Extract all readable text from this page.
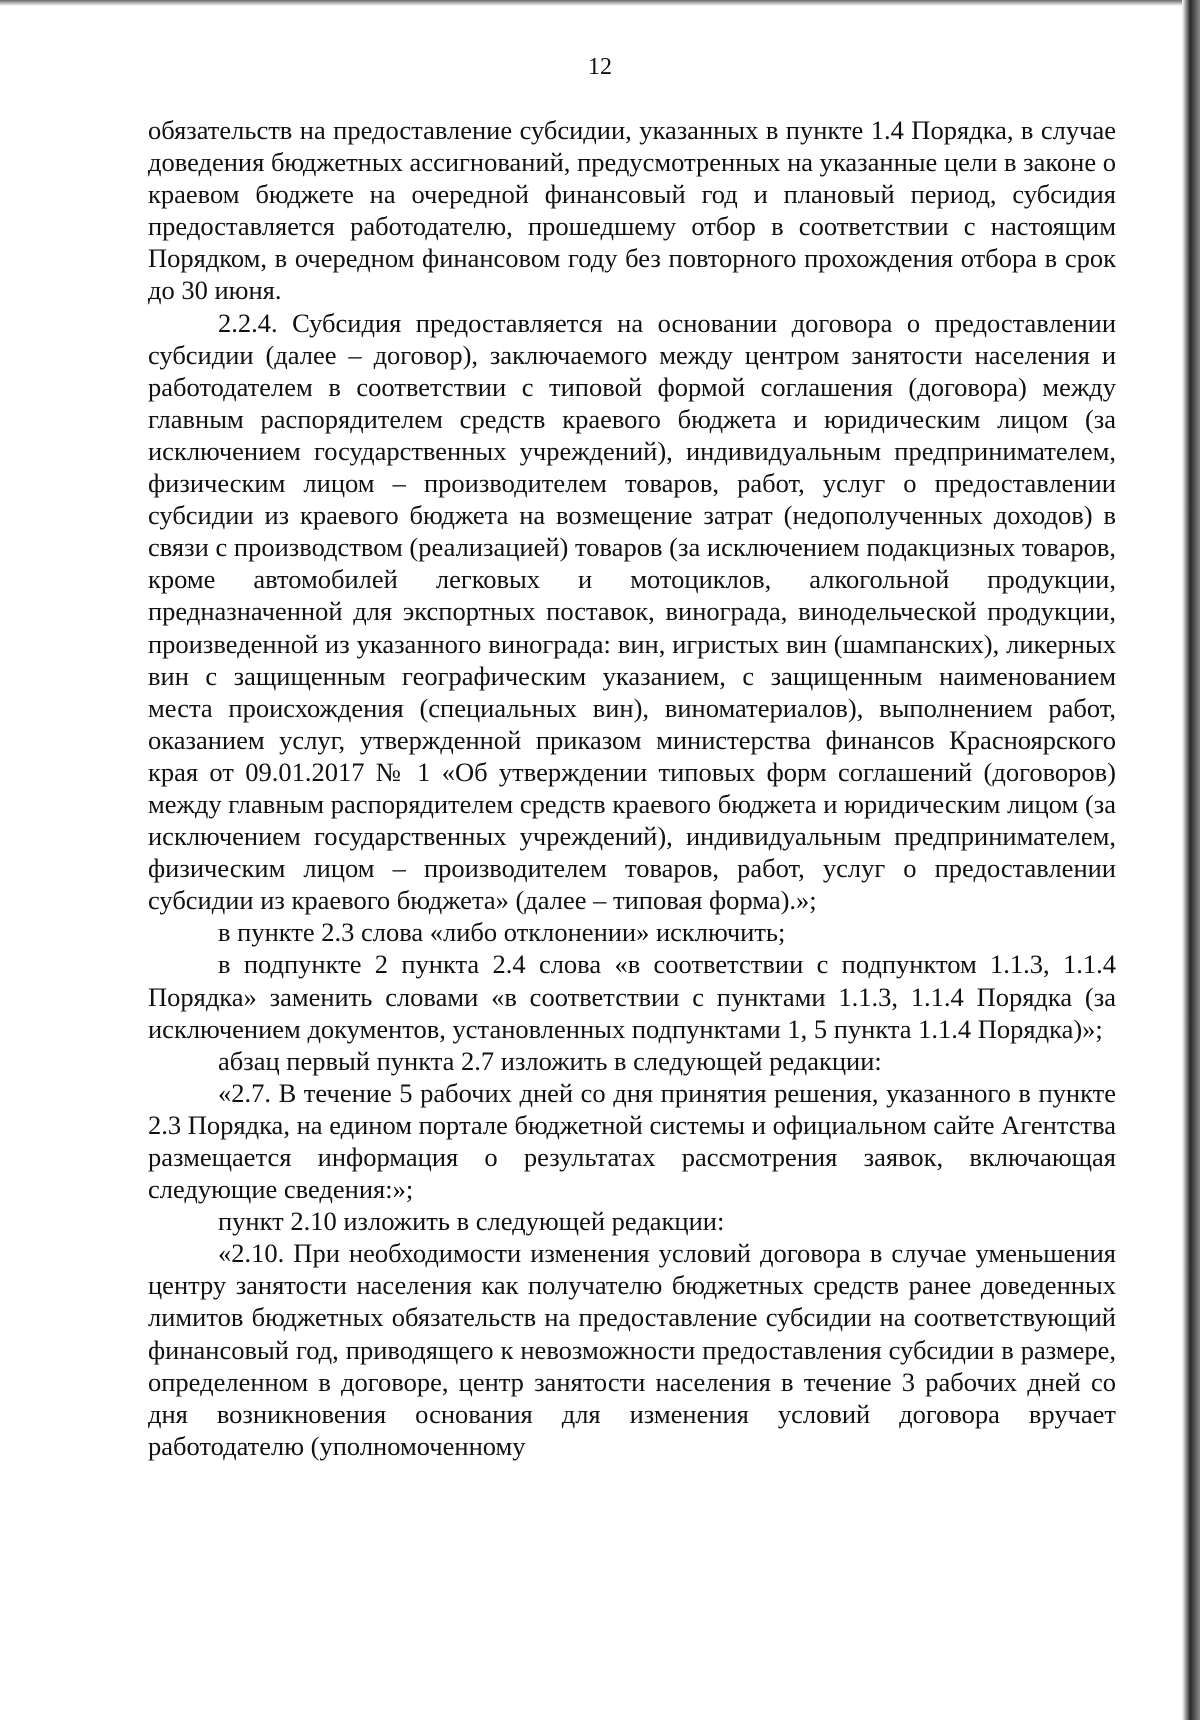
12

обязательств на предоставление субсидии, указанных в пункте 1.4 Порядка, в случае доведения бюджетных ассигнований, предусмотренных на указанные цели в законе о краевом бюджете на очередной финансовый год и плановый период, субсидия предоставляется работодателю, прошедшему отбор в соответствии с настоящим Порядком, в очередном финансовом году без повторного прохождения отбора в срок до 30 июня.

2.2.4. Субсидия предоставляется на основании договора о предоставлении субсидии (далее – договор), заключаемого между центром занятости населения и работодателем в соответствии с типовой формой соглашения (договора) между главным распорядителем средств краевого бюджета и юридическим лицом (за исключением государственных учреждений), индивидуальным предпринимателем, физическим лицом – производителем товаров, работ, услуг о предоставлении субсидии из краевого бюджета на возмещение затрат (недополученных доходов) в связи с производством (реализацией) товаров (за исключением подакцизных товаров, кроме автомобилей легковых и мотоциклов, алкогольной продукции, предназначенной для экспортных поставок, винограда, винодельческой продукции, произведенной из указанного винограда: вин, игристых вин (шампанских), ликерных вин с защищенным географическим указанием, с защищенным наименованием места происхождения (специальных вин), виноматериалов), выполнением работ, оказанием услуг, утвержденной приказом министерства финансов Красноярского края от 09.01.2017 № 1 «Об утверждении типовых форм соглашений (договоров) между главным распорядителем средств краевого бюджета и юридическим лицом (за исключением государственных учреждений), индивидуальным предпринимателем, физическим лицом – производителем товаров, работ, услуг о предоставлении субсидии из краевого бюджета» (далее – типовая форма).»;

в пункте 2.3 слова «либо отклонении» исключить;

в подпункте 2 пункта 2.4 слова «в соответствии с подпунктом 1.1.3, 1.1.4 Порядка» заменить словами «в соответствии с пунктами 1.1.3, 1.1.4 Порядка (за исключением документов, установленных подпунктами 1, 5 пункта 1.1.4 Порядка)»;

абзац первый пункта 2.7 изложить в следующей редакции:

«2.7. В течение 5 рабочих дней со дня принятия решения, указанного в пункте 2.3 Порядка, на едином портале бюджетной системы и официальном сайте Агентства размещается информация о результатах рассмотрения заявок, включающая следующие сведения:»;

пункт 2.10 изложить в следующей редакции:

«2.10. При необходимости изменения условий договора в случае уменьшения центру занятости населения как получателю бюджетных средств ранее доведенных лимитов бюджетных обязательств на предоставление субсидии на соответствующий финансовый год, приводящего к невозможности предоставления субсидии в размере, определенном в договоре, центр занятости населения в течение 3 рабочих дней со дня возникновения основания для изменения условий договора вручает работодателю (уполномоченному
